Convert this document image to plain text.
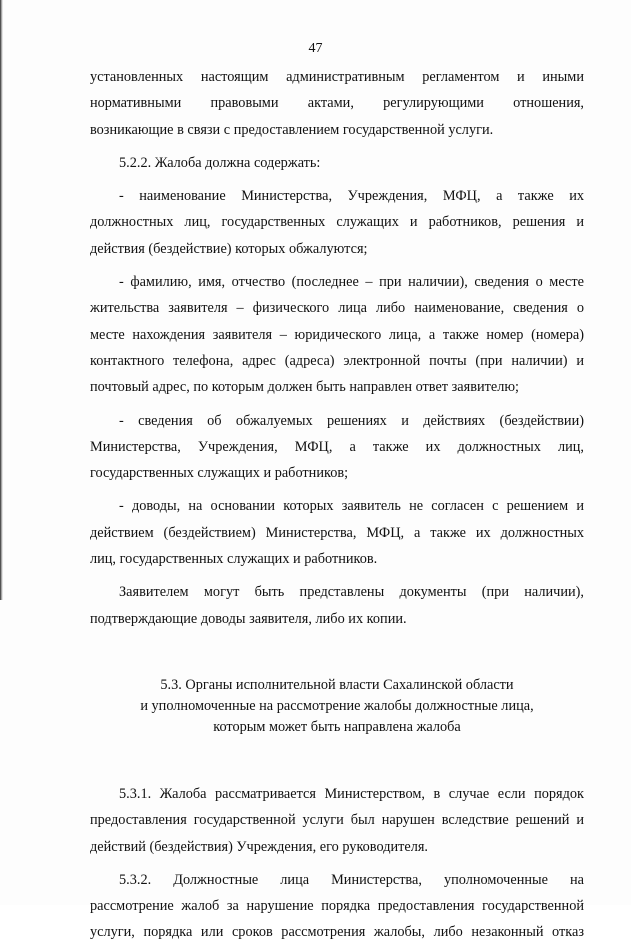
47
установленных настоящим административным регламентом и иными
нормативными правовыми актами, регулирующими отношения,
возникающие в связи с предоставлением государственной услуги.
5.2.2. Жалоба должна содержать:
- наименование Министерства, Учреждения, МФЦ, а также их
должностных лиц, государственных служащих и работников, решения и
действия (бездействие) которых обжалуются;
- фамилию, имя, отчество (последнее – при наличии), сведения о месте
жительства заявителя – физического лица либо наименование, сведения о
месте нахождения заявителя – юридического лица, а также номер (номера)
контактного телефона, адрес (адреса) электронной почты (при наличии) и
почтовый адрес, по которым должен быть направлен ответ заявителю;
- сведения об обжалуемых решениях и действиях (бездействии)
Министерства, Учреждения, МФЦ, а также их должностных лиц,
государственных служащих и работников;
- доводы, на основании которых заявитель не согласен с решением и
действием (бездействием) Министерства, МФЦ, а также их должностных
лиц, государственных служащих и работников.
Заявителем могут быть представлены документы (при наличии),
подтверждающие доводы заявителя, либо их копии.

5.3. Органы исполнительной власти Сахалинской области

и уполномоченные на рассмотрение жалобы должностные лица,

которым может быть направлена жалоба

5.3.1. Жалоба рассматривается Министерством, в случае если порядок
предоставления государственной услуги был нарушен вследствие решений и
действий (бездействия) Учреждения, его руководителя.
5.3.2. Должностные лица Министерства, уполномоченные на
рассмотрение жалоб за нарушение порядка предоставления государственной
услуги, порядка или сроков рассмотрения жалобы, либо незаконный отказ
